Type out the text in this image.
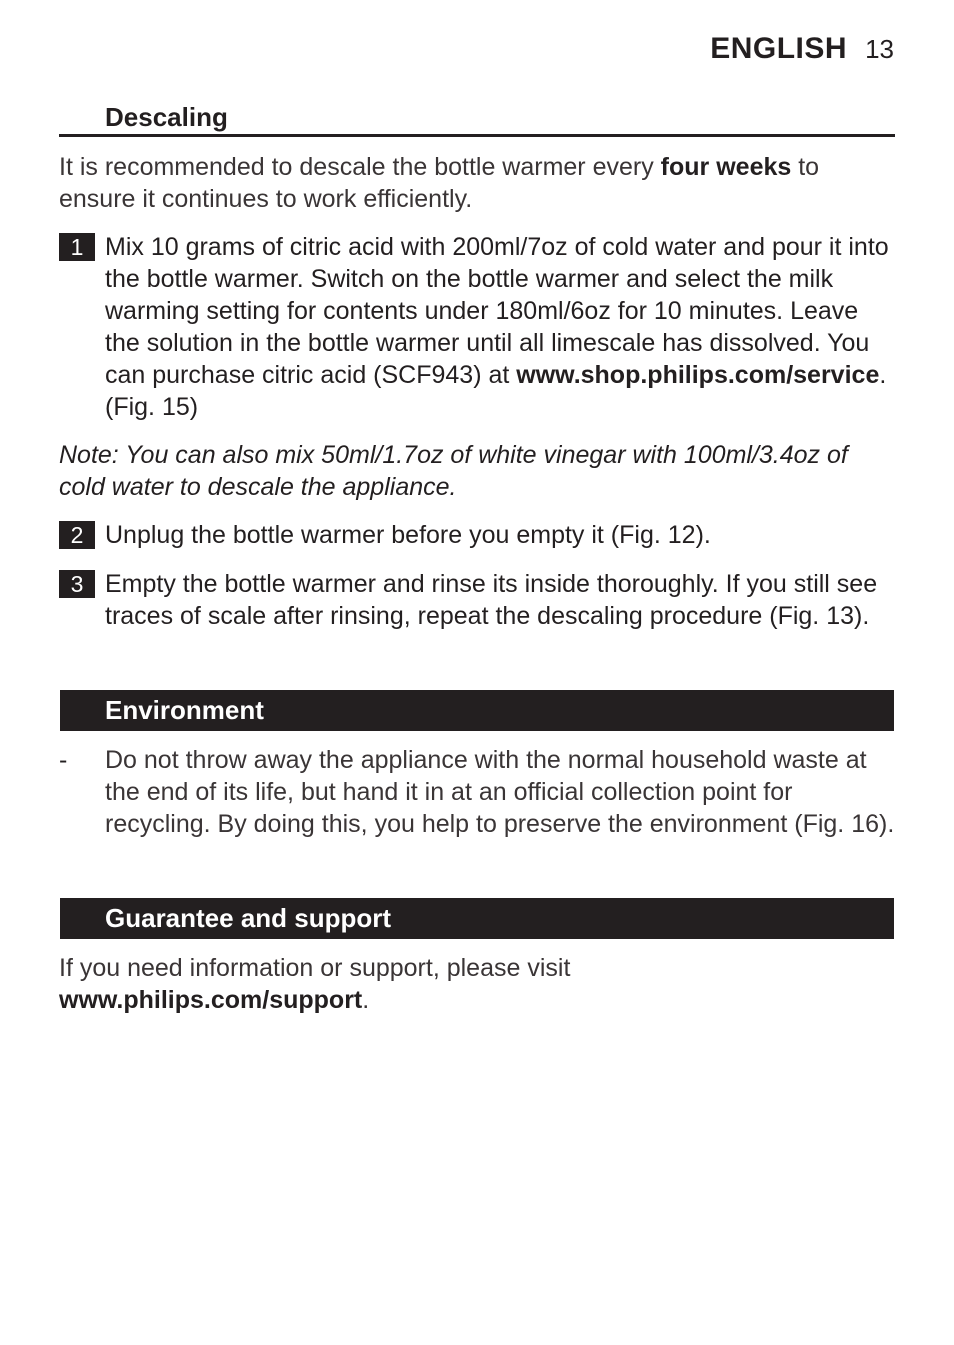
ENGLISH 13
Descaling
It is recommended to descale the bottle warmer every four weeks to ensure it continues to work efficiently.
1 Mix 10 grams of citric acid with 200ml/7oz of cold water and pour it into the bottle warmer. Switch on the bottle warmer and select the milk warming setting for contents under 180ml/6oz for 10 minutes. Leave the solution in the bottle warmer until all limescale has dissolved. You can purchase citric acid (SCF943) at www.shop.philips.com/service. (Fig. 15)
Note: You can also mix 50ml/1.7oz of white vinegar with 100ml/3.4oz of cold water to descale the appliance.
2 Unplug the bottle warmer before you empty it (Fig. 12).
3 Empty the bottle warmer and rinse its inside thoroughly. If you still see traces of scale after rinsing, repeat the descaling procedure (Fig. 13).
Environment
- Do not throw away the appliance with the normal household waste at the end of its life, but hand it in at an official collection point for recycling. By doing this, you help to preserve the environment (Fig. 16).
Guarantee and support
If you need information or support, please visit www.philips.com/support.
